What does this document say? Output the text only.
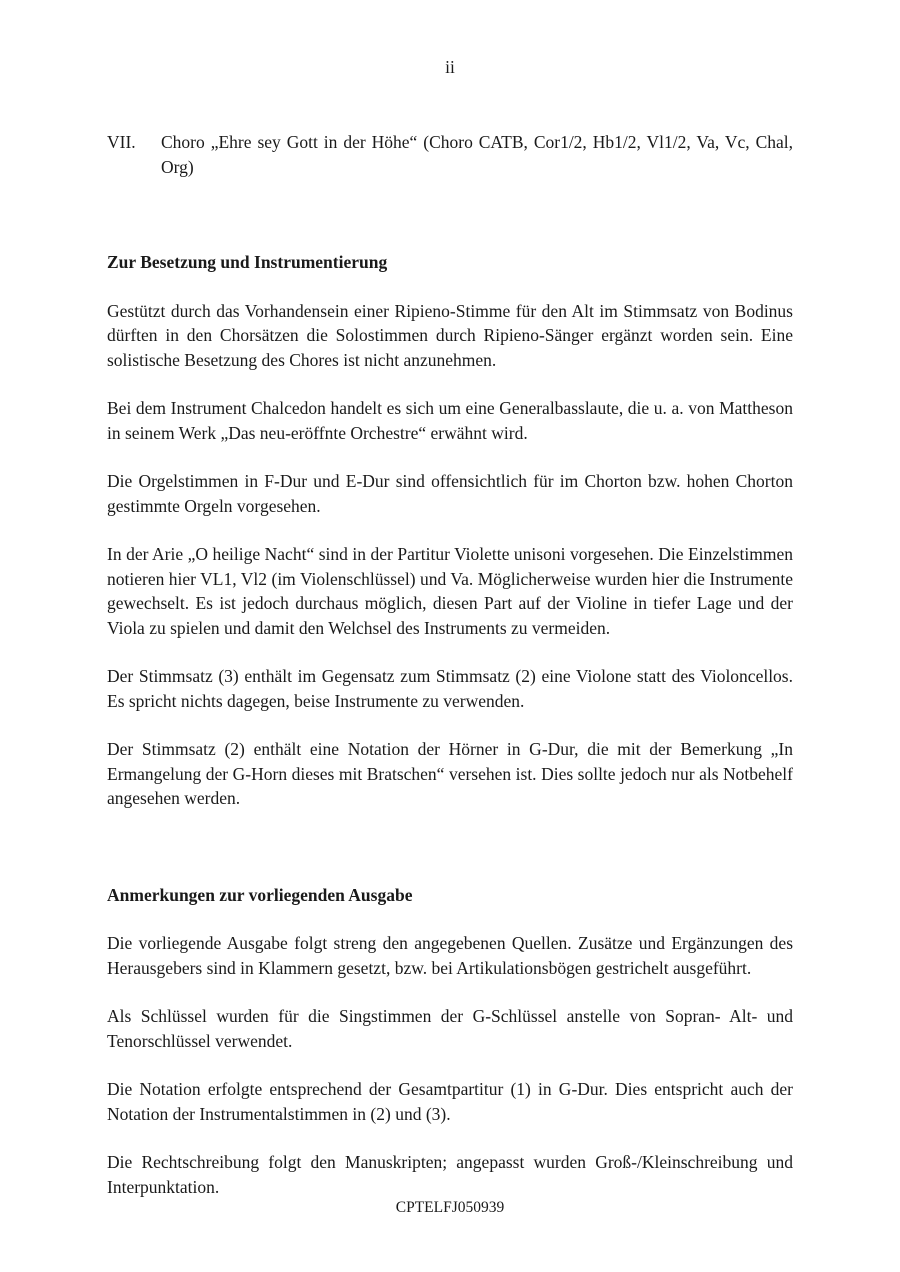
ii
VII.	Choro „Ehre sey Gott in der Höhe“ (Choro CATB, Cor1/2, Hb1/2, Vl1/2, Va, Vc, Chal, Org)
Zur Besetzung und Instrumentierung

Gestützt durch das Vorhandensein einer Ripieno-Stimme für den Alt im Stimmsatz von Bodinus dürften in den Chorsätzen die Solostimmen durch Ripieno-Sänger ergänzt worden sein. Eine solistische Besetzung des Chores ist nicht anzunehmen.

Bei dem Instrument Chalcedon handelt es sich um eine Generalbasslaute, die u. a. von Mattheson in seinem Werk „Das neu-eröffnte Orchestre“ erwähnt wird.

Die Orgelstimmen in F-Dur und E-Dur sind offensichtlich für im Chorton bzw. hohen Chorton gestimmte Orgeln vorgesehen.

In der Arie „O heilige Nacht“ sind in der Partitur Violette unisoni vorgesehen. Die Einzelstimmen notieren hier VL1, Vl2 (im Violenschlüssel) und Va. Möglicherweise wurden hier die Instrumente gewechselt. Es ist jedoch durchaus möglich, diesen Part auf der Violine in tiefer Lage und der Viola zu spielen und damit den Welchsel des Instruments zu vermeiden.

Der Stimmsatz (3) enthält im Gegensatz zum Stimmsatz (2) eine Violone statt des Violoncellos. Es spricht nichts dagegen, beise Instrumente zu verwenden.

Der Stimmsatz (2) enthält eine Notation der Hörner in G-Dur, die mit der Bemerkung „In Ermangelung der G-Horn dieses mit Bratschen“ versehen ist. Dies sollte jedoch nur als Notbehelf angesehen werden.

Anmerkungen zur vorliegenden Ausgabe

Die vorliegende Ausgabe folgt streng den angegebenen Quellen. Zusätze und Ergänzungen des Herausgebers sind in Klammern gesetzt, bzw. bei Artikulationsbögen gestrichelt ausgeführt.

Als Schlüssel wurden für die Singstimmen der G-Schlüssel anstelle von Sopran- Alt- und Tenorschlüssel verwendet.

Die Notation erfolgte entsprechend der Gesamtpartitur (1) in G-Dur. Dies entspricht auch der Notation der Instrumentalstimmen in (2) und (3).

Die Rechtschreibung folgt den Manuskripten; angepasst wurden Groß-/Kleinschreibung und Interpunktation.

CPTELFJ050939
